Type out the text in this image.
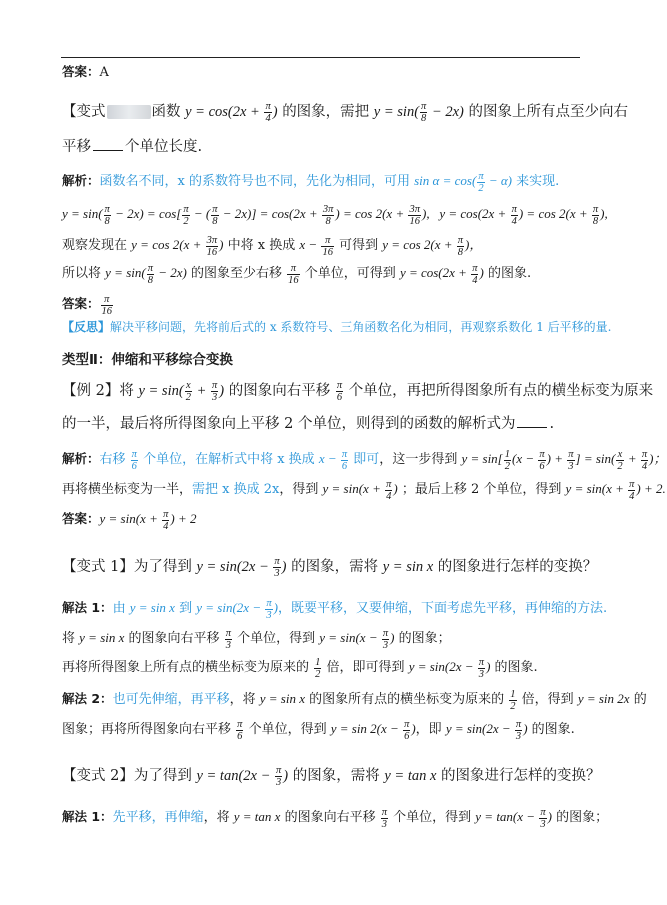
答案：A
【变式	函数 $y = \cos(2x + \frac{\pi}{4}$ ) 的图象，需把 $y = \sin( \frac{\pi}{8} - 2x)$ 的图象上所有点至少向右
平移 个单位长度.
解析：函数名不同，x 的系数符号也不同，先化为相同，可用 $\sin \alpha = \cos( \frac{\pi}{2} - \alpha)$ 来实现.
$y = \sin( \frac{\pi}{8} - 2x) = \cos[ \frac{\pi}{2}$ − ( $\frac{\pi}{8} - 2x)] = \cos(2x + \frac{3\pi}{8}$ ) = $\cos 2(x + \frac{3\pi}{16}$ ),   $y = \cos(2x + \frac{\pi}{4}$ ) = $\cos 2(x + \frac{\pi}{8}$ ),
观察发现在 $y = \cos 2(x + \frac{3\pi}{16}$ ) 中将 x 换成 $x - \frac{\pi}{16}$ 可得到 $y = \cos 2(x + \frac{\pi}{8}$ )，
所以将 $y = \sin( \frac{\pi}{8} - 2x)$ 的图象至少右移 $\frac{\pi}{16}$ 个单位，可得到 $y = \cos(2x + \frac{\pi}{4}$ ) 的图象.
答案： $\frac{\pi}{16}$
【反思】解决平移问题，先将前后式的 x 系数符号、三角函数名化为相同，再观察系数化 1 后平移的量.
类型Ⅱ：伸缩和平移综合变换
【例 2】将 $y = \sin( \frac{x}{2} + \frac{\pi}{3}$ ) 的图象向右平移 $\frac{\pi}{6}$ 个单位，再把所得图象所有点的横坐标变为原来
的一半，最后将所得图象向上平移 2 个单位，则得到的函数的解析式为 .
解析：右移 $\frac{\pi}{6}$ 个单位，在解析式中将 x 换成 $x - \frac{\pi}{6}$ 即可，这一步得到 $y = \sin[ \frac{1}{2} (x - \frac{\pi}{6}$ ) + $\frac{\pi}{3}$ ] = $\sin( \frac{x}{2} + \frac{\pi}{4}$ )；
再将横坐标变为一半，需把 x 换成 2x，得到 $y = \sin(x + \frac{\pi}{4}$ ) ；最后上移 2 个单位，得到 $y = \sin(x + \frac{\pi}{4}$ ) + 2.
答案：$y = \sin(x + \frac{\pi}{4}$ ) + 2
【变式 1】为了得到 $y = \sin(2x - \frac{\pi}{3}$ ) 的图象，需将 y = sin x 的图象进行怎样的变换？
解法 1：由 y = sin x 到 $y = \sin(2x - \frac{\pi}{3}$ )，既要平移，又要伸缩，下面考虑先平移，再伸缩的方法.
将 y = sin x 的图象向右平移 $\frac{\pi}{3}$ 个单位，得到 $y = \sin(x - \frac{\pi}{3}$ ) 的图象；
再将所得图象上所有点的横坐标变为原来的 $\frac{1}{2}$ 倍，即可得到 $y = \sin(2x - \frac{\pi}{3}$ ) 的图象.
解法 2：也可先伸缩，再平移，将 y = sin x 的图象所有点的横坐标变为原来的 $\frac{1}{2}$ 倍，得到 y = sin 2x 的
图象；再将所得图象向右平移 $\frac{\pi}{6}$ 个单位，得到 $y = \sin 2(x - \frac{\pi}{6}$ )，即 $y = \sin(2x - \frac{\pi}{3}$ ) 的图象.
【变式 2】为了得到 $y = \tan(2x - \frac{\pi}{3}$ ) 的图象，需将 y = tan x 的图象进行怎样的变换？
解法 1：先平移，再伸缩，将 y = tan x 的图象向右平移 $\frac{\pi}{3}$ 个单位，得到 $y = \tan(x - \frac{\pi}{3}$ ) 的图象；
